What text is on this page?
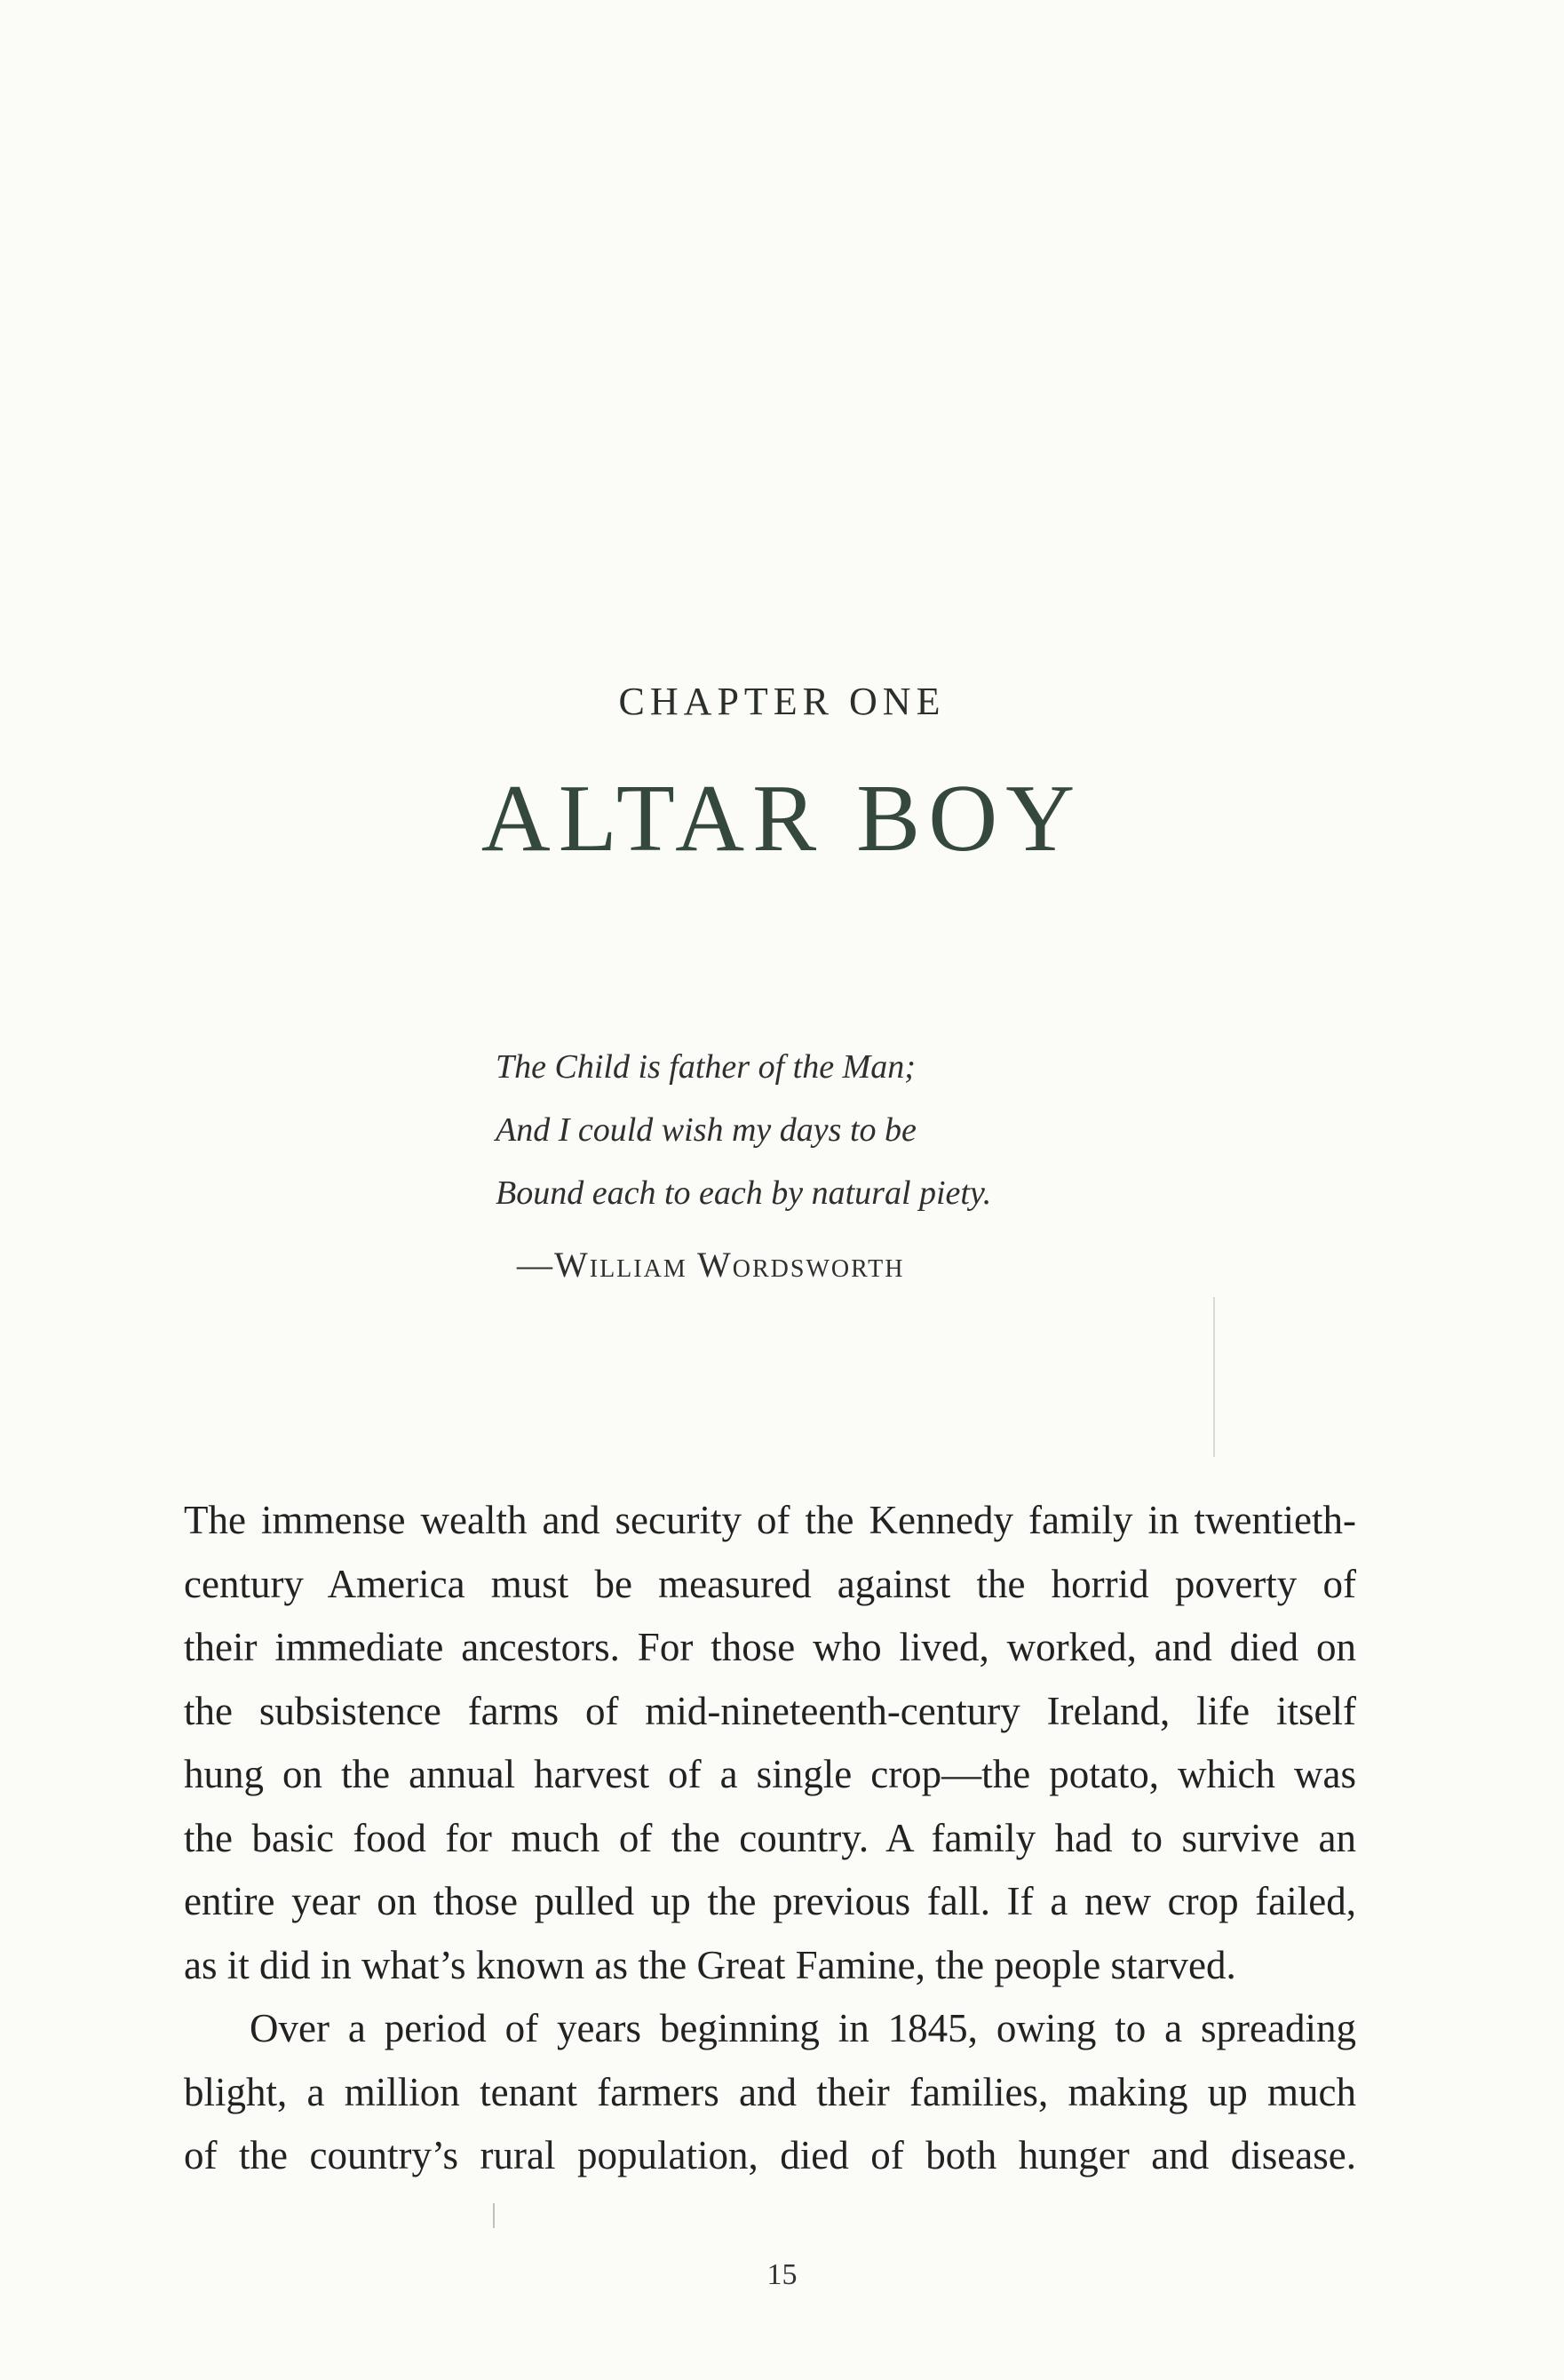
CHAPTER ONE
ALTAR BOY
The Child is father of the Man;
And I could wish my days to be
Bound each to each by natural piety.
—William Wordsworth
The immense wealth and security of the Kennedy family in twentieth-
century America must be measured against the horrid poverty of
their immediate ancestors. For those who lived, worked, and died on
the subsistence farms of mid-nineteenth-century Ireland, life itself
hung on the annual harvest of a single crop—the potato, which was
the basic food for much of the country. A family had to survive an
entire year on those pulled up the previous fall. If a new crop failed,
as it did in what’s known as the Great Famine, the people starved.
Over a period of years beginning in 1845, owing to a spreading
blight, a million tenant farmers and their families, making up much
of the country’s rural population, died of both hunger and disease.
15
